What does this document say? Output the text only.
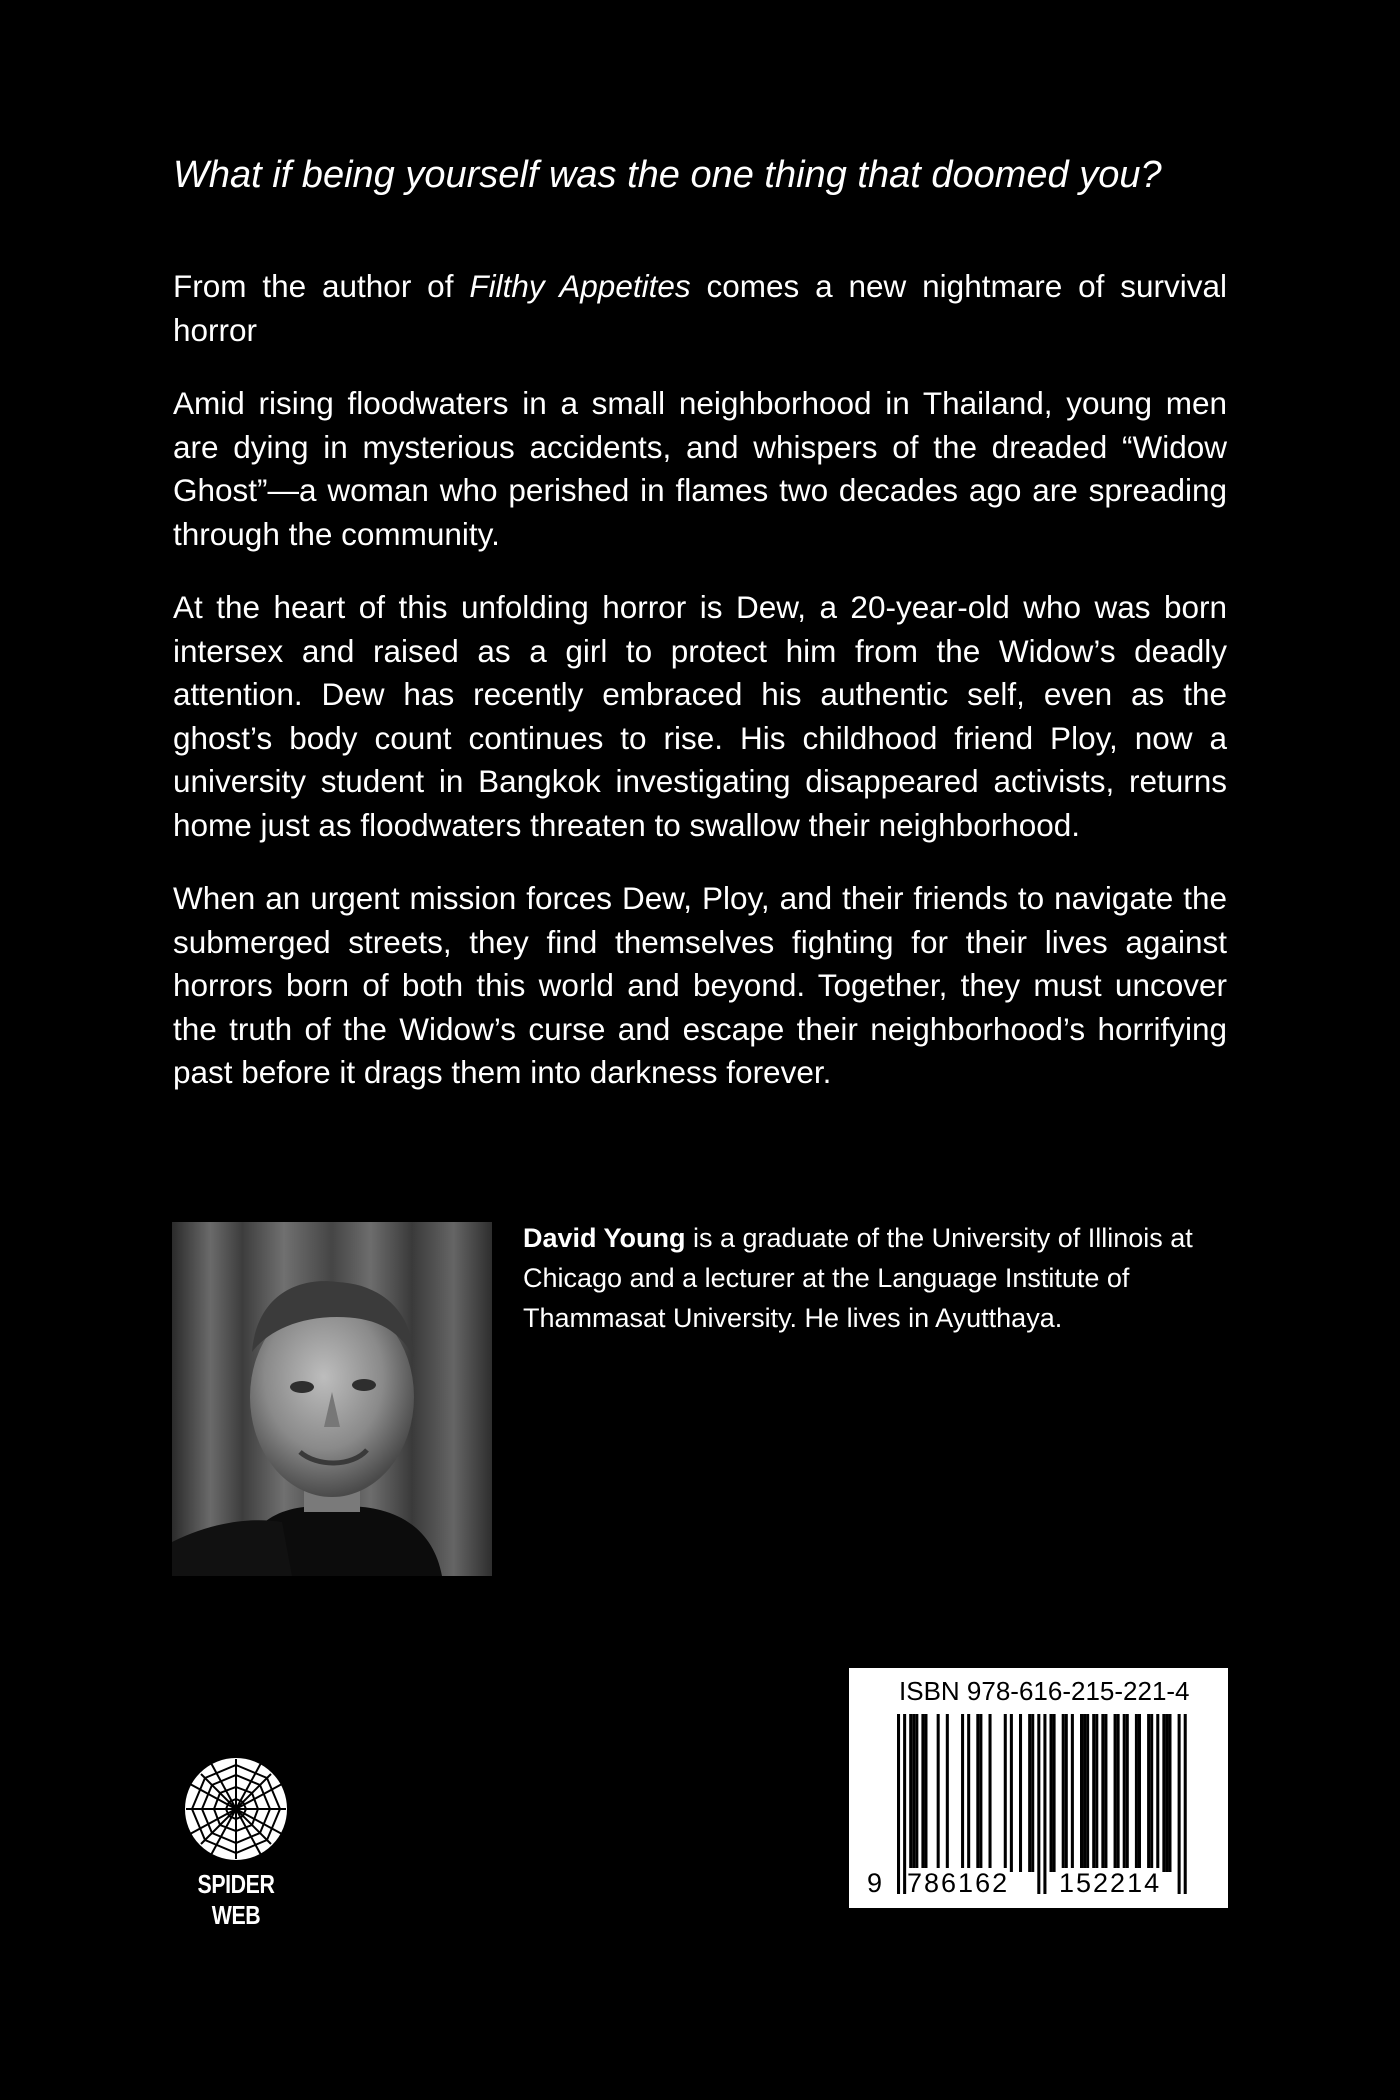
What if being yourself was the one thing that doomed you?

From the author of Filthy Appetites comes a new nightmare of survival horror

Amid rising floodwaters in a small neighborhood in Thailand, young men are dying in mysterious accidents, and whispers of the dreaded “Widow Ghost”—a woman who perished in flames two decades ago are spreading through the community.

At the heart of this unfolding horror is Dew, a 20-year-old who was born intersex and raised as a girl to protect him from the Widow’s deadly attention. Dew has recently embraced his authentic self, even as the ghost’s body count continues to rise. His childhood friend Ploy, now a university student in Bangkok investigating disappeared activists, returns home just as floodwaters threaten to swallow their neighborhood.

When an urgent mission forces Dew, Ploy, and their friends to navigate the submerged streets, they find themselves fighting for their lives against horrors born of both this world and beyond. Together, they must uncover the truth of the Widow’s curse and escape their neighborhood’s horrifying past before it drags them into darkness forever.

David Young is a graduate of the University of Illinois at Chicago and a lecturer at the Language Institute of Thammasat University. He lives in Ayutthaya.

SPIDER WEB
ISBN 978-616-215-221-4
9 786162 152214
